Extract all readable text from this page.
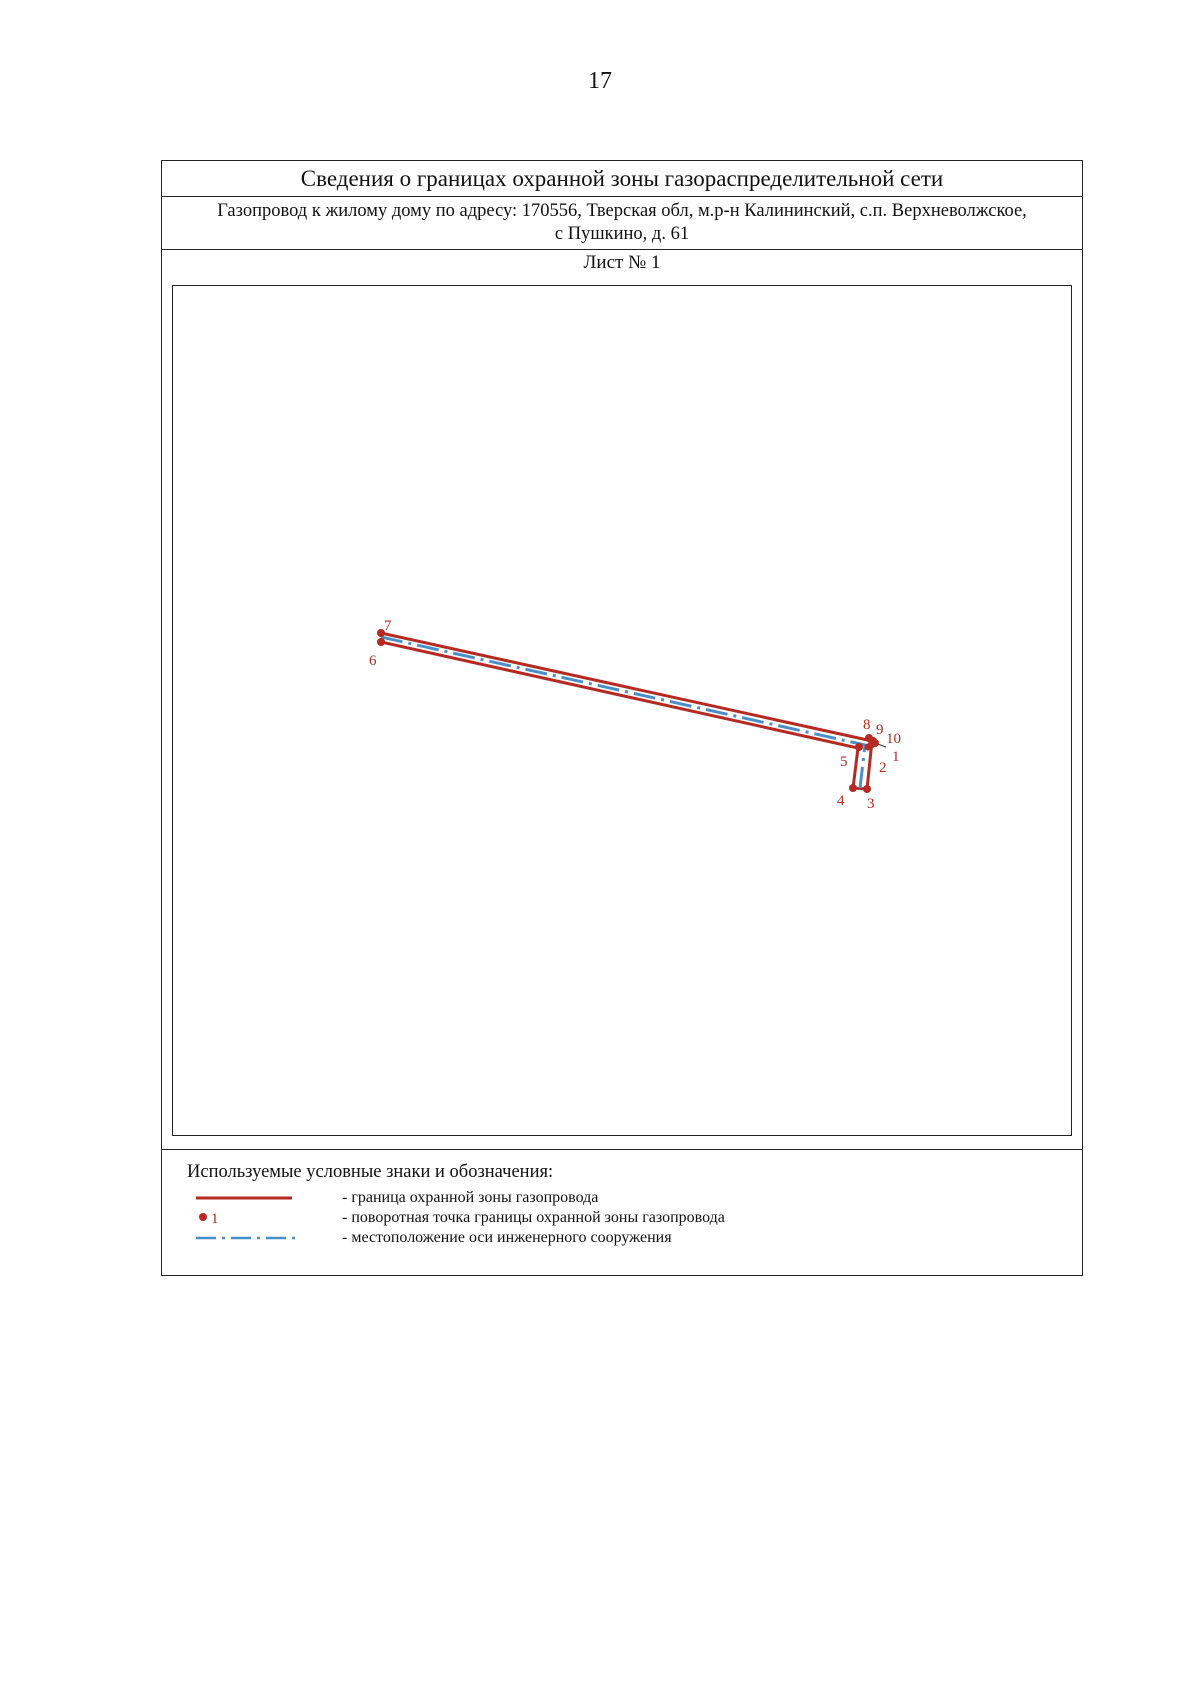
17
Сведения о границах охранной зоны газораспределительной сети
Газопровод к жилому дому по адресу: 170556, Тверская обл, м.р-н Калининский, с.п. Верхневолжское,
с Пушкино, д. 61
Лист № 1
7
6
8 9
10
1
2
5
4 3
Используемые условные знаки и обозначения:
- граница охранной зоны газопровода
1	- поворотная точка границы охранной зоны газопровода
- местоположение оси инженерного сооружения
